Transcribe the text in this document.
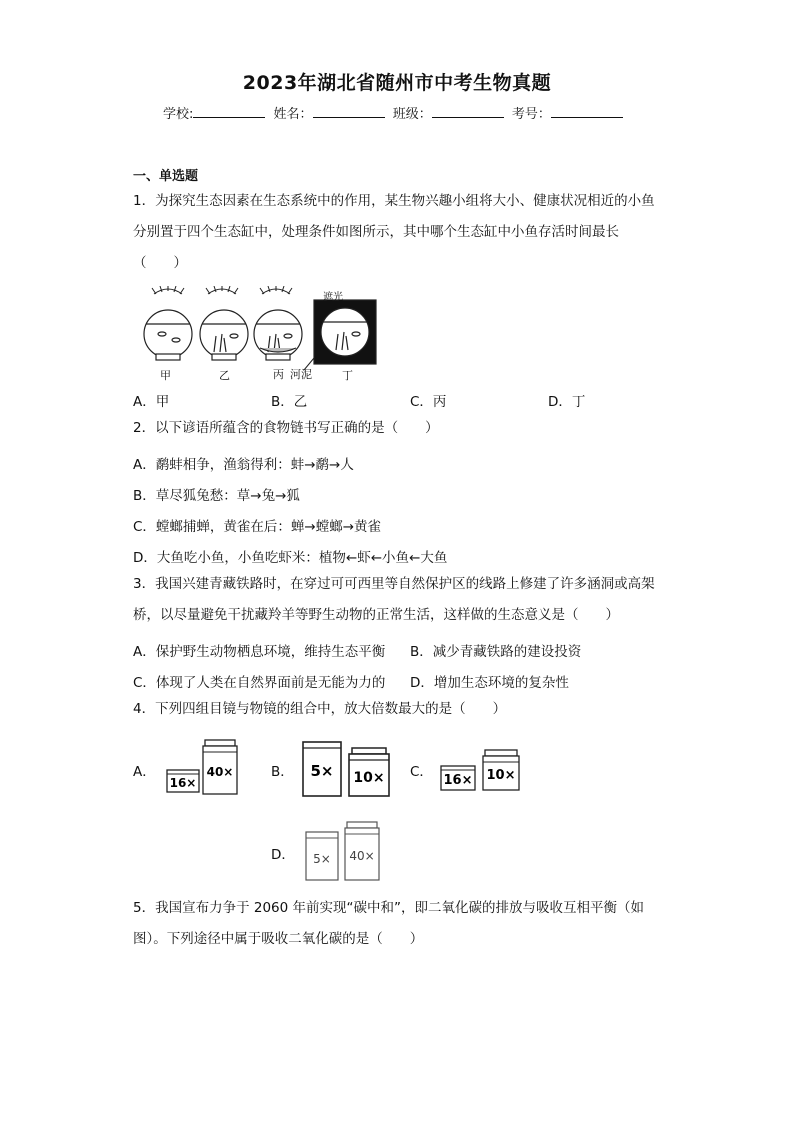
2023年湖北省随州市中考生物真题
学校:	姓名：	班级：	考号：
一、单选题
1．为探究生态因素在生态系统中的作用，某生物兴趣小组将大小、健康状况相近的小鱼分别置于四个生态缸中，处理条件如图所示，其中哪个生态缸中小鱼存活时间最长（　　）
遮光
甲	乙	丙 河泥	丁
A．甲	B．乙	C．丙	D．丁
2．以下谚语所蕴含的食物链书写正确的是（　　）
A．鹬蚌相争，渔翁得利：蚌→鹬→人
B．草尽狐兔愁：草→兔→狐
C．螳螂捕蝉，黄雀在后：蝉→螳螂→黄雀
D．大鱼吃小鱼，小鱼吃虾米：植物←虾←小鱼←大鱼
3．我国兴建青藏铁路时，在穿过可可西里等自然保护区的线路上修建了许多涵洞或高架桥，以尽量避免干扰藏羚羊等野生动物的正常生活，这样做的生态意义是（　　）
A．保护野生动物栖息环境，维持生态平衡 B．减少青藏铁路的建设投资
C．体现了人类在自然界面前是无能为力的 D．增加生态环境的复杂性
4．下列四组目镜与物镜的组合中，放大倍数最大的是（　　）
A．	B．	C．
D．
16×
40×	5× 10×	16× 10×
5× 40×
5．我国宣布力争于 2060 年前实现“碳中和”，即二氧化碳的排放与吸收互相平衡（如图）。下列途径中属于吸收二氧化碳的是（　　）
